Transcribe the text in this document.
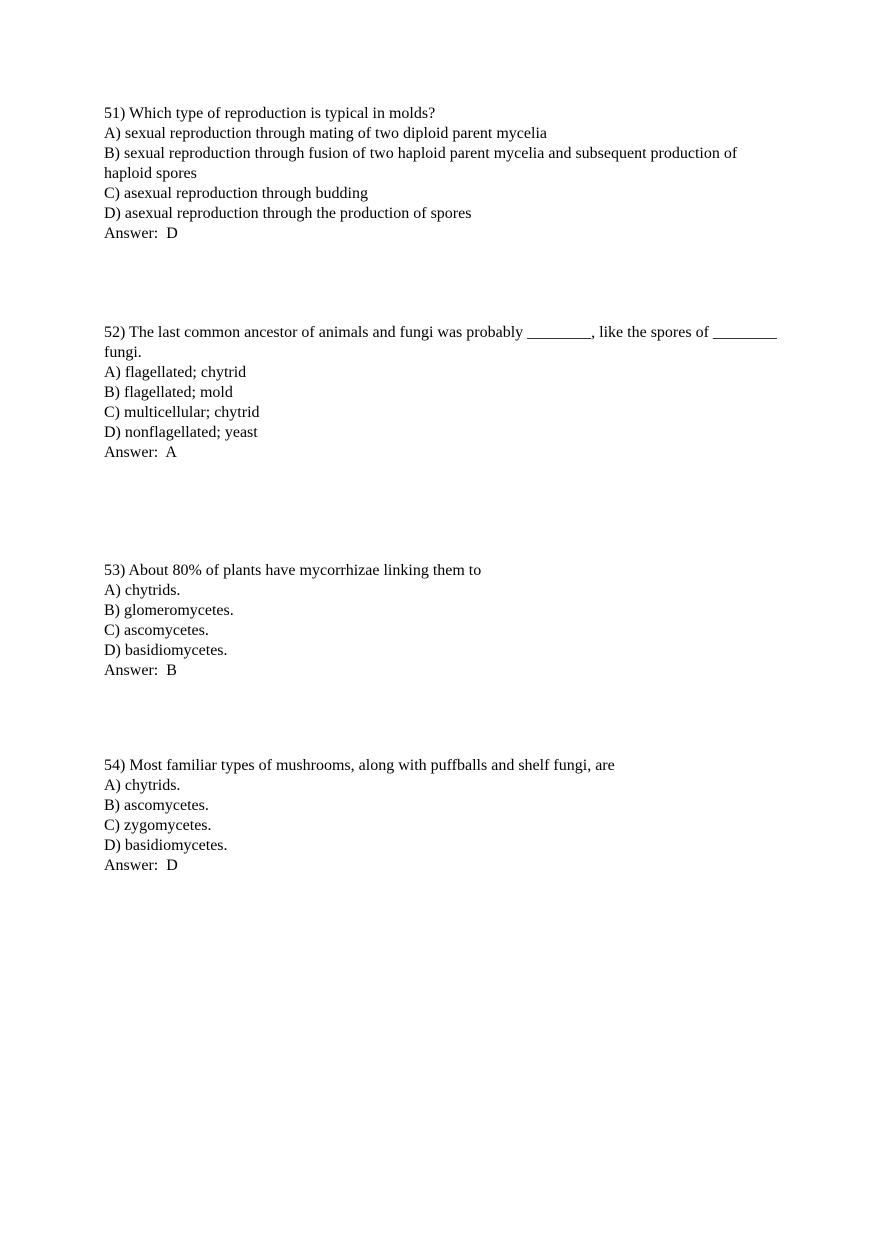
51) Which type of reproduction is typical in molds?
A) sexual reproduction through mating of two diploid parent mycelia
B) sexual reproduction through fusion of two haploid parent mycelia and subsequent production of haploid spores
C) asexual reproduction through budding
D) asexual reproduction through the production of spores
Answer:  D
52) The last common ancestor of animals and fungi was probably ________, like the spores of ________ fungi.
A) flagellated; chytrid
B) flagellated; mold
C) multicellular; chytrid
D) nonflagellated; yeast
Answer:  A
53) About 80% of plants have mycorrhizae linking them to
A) chytrids.
B) glomeromycetes.
C) ascomycetes.
D) basidiomycetes.
Answer:  B
54) Most familiar types of mushrooms, along with puffballs and shelf fungi, are
A) chytrids.
B) ascomycetes.
C) zygomycetes.
D) basidiomycetes.
Answer:  D
